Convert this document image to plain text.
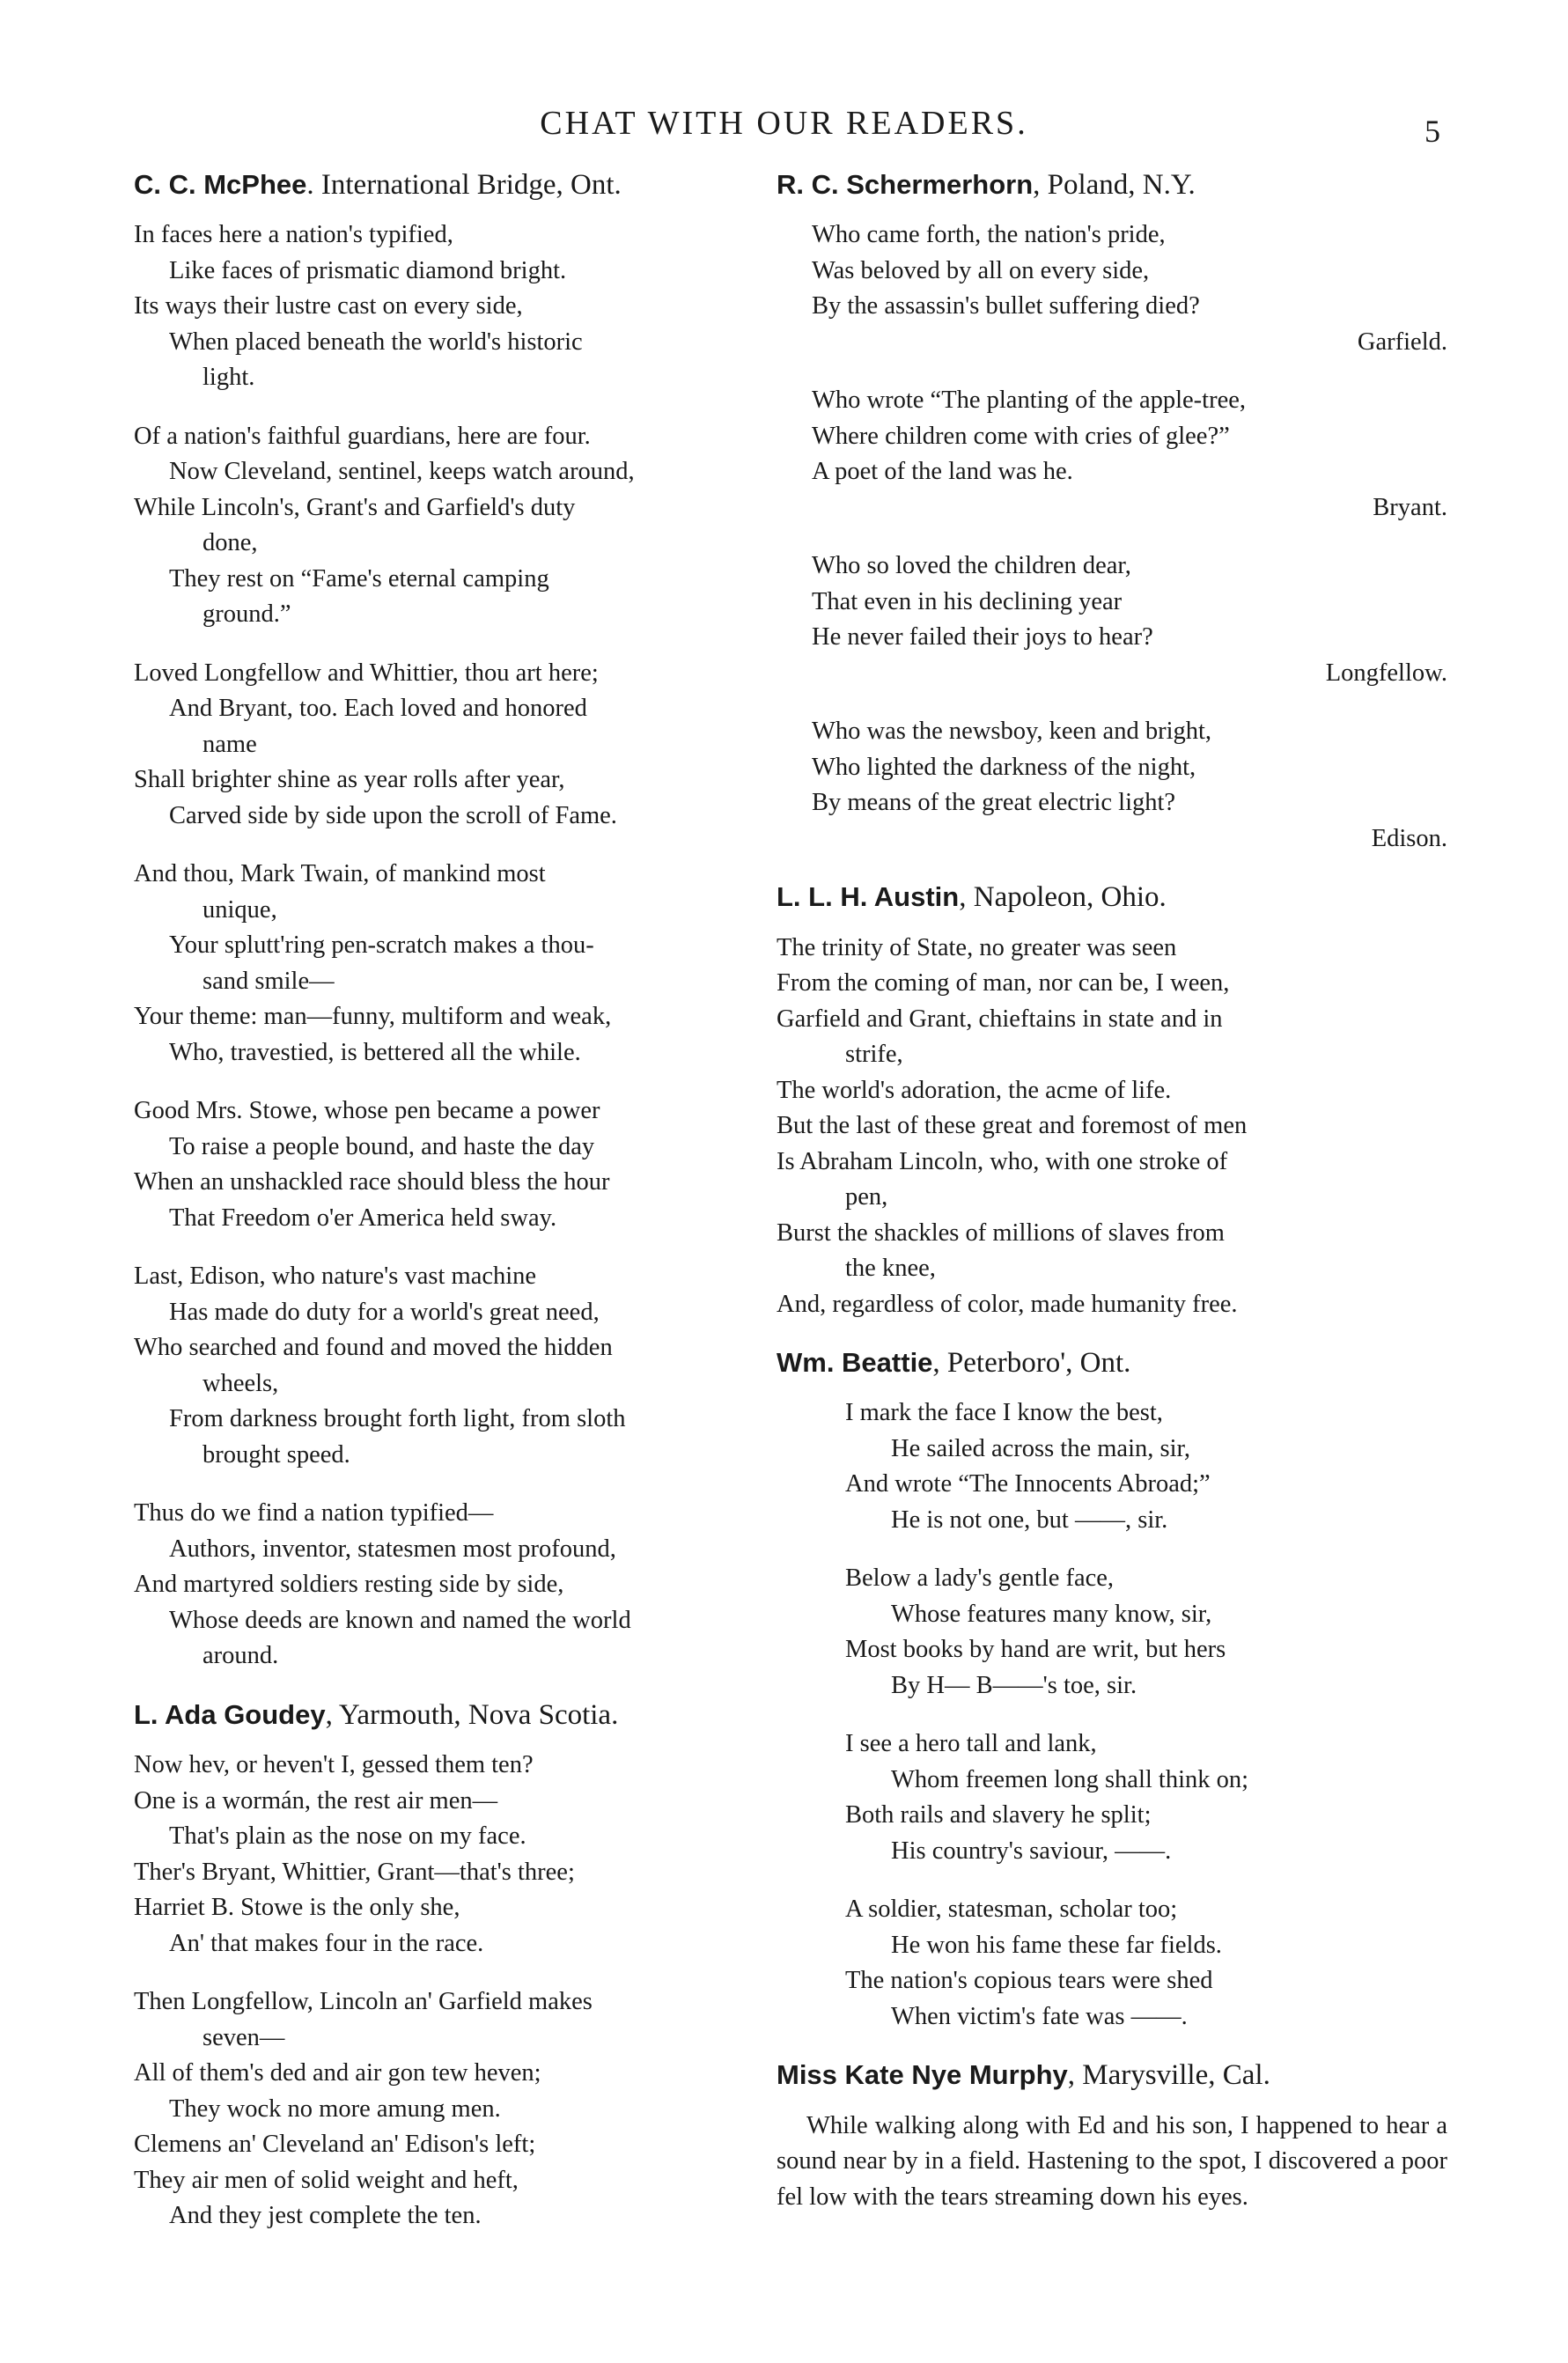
CHAT WITH OUR READERS.	5
C. C. McPhee. International Bridge, Ont.
In faces here a nation's typified,
Like faces of prismatic diamond bright.
Its ways their lustre cast on every side,
When placed beneath the world's historic
light.
Of a nation's faithful guardians, here are four.
Now Cleveland, sentinel, keeps watch around,
While Lincoln's, Grant's and Garfield's duty
done,
They rest on “Fame's eternal camping
ground.”
Loved Longfellow and Whittier, thou art here;
And Bryant, too. Each loved and honored
name
Shall brighter shine as year rolls after year,
Carved side by side upon the scroll of Fame.
And thou, Mark Twain, of mankind most
unique,
Your splutt'ring pen-scratch makes a thou-
sand smile—
Your theme: man—funny, multiform and weak,
Who, travestied, is bettered all the while.
Good Mrs. Stowe, whose pen became a power
To raise a people bound, and haste the day
When an unshackled race should bless the hour
That Freedom o'er America held sway.
Last, Edison, who nature's vast machine
Has made do duty for a world's great need,
Who searched and found and moved the hidden
wheels,
From darkness brought forth light, from sloth
brought speed.
Thus do we find a nation typified—
Authors, inventor, statesmen most profound,
And martyred soldiers resting side by side,
Whose deeds are known and named the world
around.
L. Ada Goudey, Yarmouth, Nova Scotia.
Now hev, or heven't I, gessed them ten?
One is a wormán, the rest air men—
That's plain as the nose on my face.
Ther's Bryant, Whittier, Grant—that's three;
Harriet B. Stowe is the only she,
An' that makes four in the race.
Then Longfellow, Lincoln an' Garfield makes
seven—
All of them's ded and air gon tew heven;
They wock no more amung men.
Clemens an' Cleveland an' Edison's left;
They air men of solid weight and heft,
And they jest complete the ten.
R. C. Schermerhorn, Poland, N.Y.
Who came forth, the nation's pride,
Was beloved by all on every side,
By the assassin's bullet suffering died?
Garfield.
Who wrote “The planting of the apple-tree,
Where children come with cries of glee?”
A poet of the land was he.
Bryant.
Who so loved the children dear,
That even in his declining year
He never failed their joys to hear?
Longfellow.
Who was the newsboy, keen and bright,
Who lighted the darkness of the night,
By means of the great electric light?
Edison.
L. L. H. Austin, Napoleon, Ohio.
The trinity of State, no greater was seen
From the coming of man, nor can be, I ween,
Garfield and Grant, chieftains in state and in
strife,
The world's adoration, the acme of life.
But the last of these great and foremost of men
Is Abraham Lincoln, who, with one stroke of
pen,
Burst the shackles of millions of slaves from
the knee,
And, regardless of color, made humanity free.
Wm. Beattie, Peterboro', Ont.
I mark the face I know the best,
He sailed across the main, sir,
And wrote “The Innocents Abroad;”
He is not one, but ——, sir.
Below a lady's gentle face,
Whose features many know, sir,
Most books by hand are writ, but hers
By H— B——'s toe, sir.
I see a hero tall and lank,
Whom freemen long shall think on;
Both rails and slavery he split;
His country's saviour, ——.
A soldier, statesman, scholar too;
He won his fame these far fields.
The nation's copious tears were shed
When victim's fate was ——.
Miss Kate Nye Murphy, Marysville, Cal.
While walking along with Ed and his son, I happened to hear a sound near by in a field. Hastening to the spot, I discovered a poor fel low with the tears streaming down his eyes.
